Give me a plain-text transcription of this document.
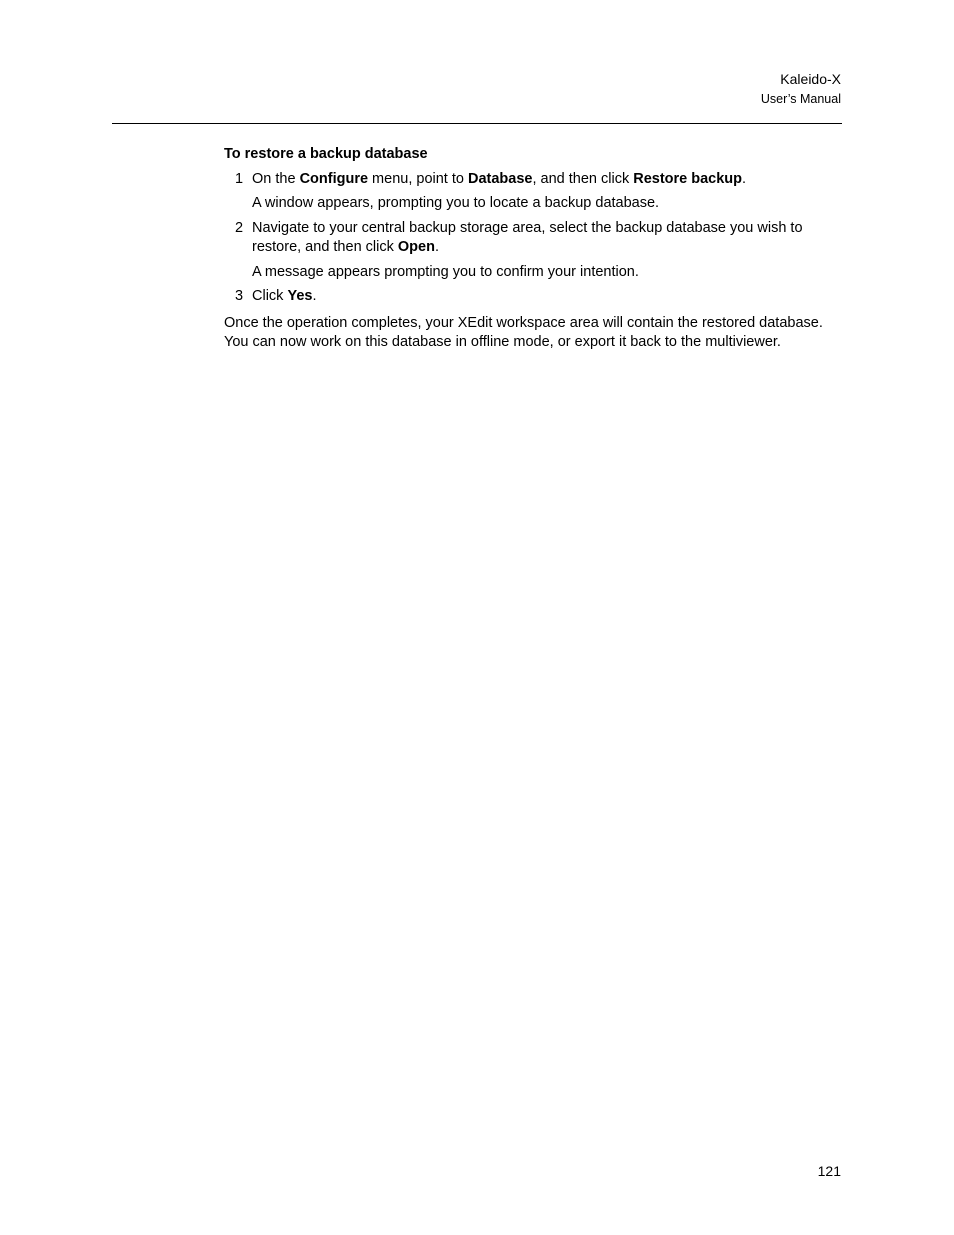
Kaleido-X
User’s Manual
To restore a backup database
1 On the Configure menu, point to Database, and then click Restore backup.
A window appears, prompting you to locate a backup database.
2 Navigate to your central backup storage area, select the backup database you wish to restore, and then click Open.
A message appears prompting you to confirm your intention.
3 Click Yes.
Once the operation completes, your XEdit workspace area will contain the restored database. You can now work on this database in offline mode, or export it back to the multiviewer.
121
